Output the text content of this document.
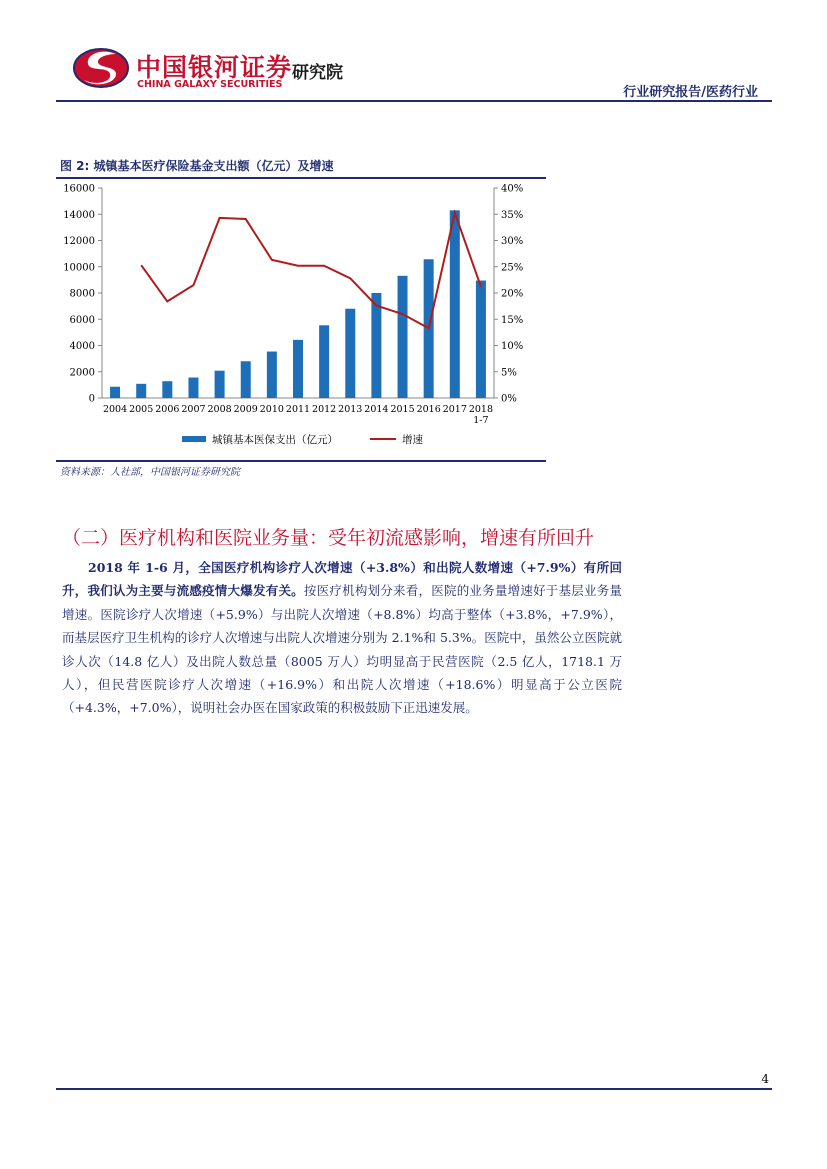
中国银河证券
CHINA GALAXY SECURITIES
研究院
行业研究报告/医药行业
图 2: 城镇基本医疗保险基金支出额（亿元）及增速
0
2000
4000
6000
8000
10000
12000
14000
16000
0%
5%
10%
15%
20%
25%
30%
35%
40%
2004 2005 2006 2007 2008 2009 2010 2011 2012 2013 2014 2015 2016 2017 2018
1-7
城镇基本医保支出（亿元）	增速
资料来源：人社部，中国银河证券研究院
（二）医疗机构和医院业务量：受年初流感影响，增速有所回升
2018 年 1-6 月，全国医疗机构诊疗人次增速（+3.8%）和出院人数增速（+7.9%）有所回升，我们认为主要与流感疫情大爆发有关。按医疗机构划分来看，医院的业务量增速好于基层业务量增速。医院诊疗人次增速（+5.9%）与出院人次增速（+8.8%）均高于整体（+3.8%，+7.9%），而基层医疗卫生机构的诊疗人次增速与出院人次增速分别为 2.1%和 5.3%。医院中，虽然公立医院就诊人次（14.8 亿人）及出院人数总量（8005 万人）均明显高于民营医院（2.5 亿人，1718.1 万人），但民营医院诊疗人次增速（+16.9%）和出院人次增速（+18.6%）明显高于公立医院（+4.3%，+7.0%），说明社会办医在国家政策的积极鼓励下正迅速发展。
4
